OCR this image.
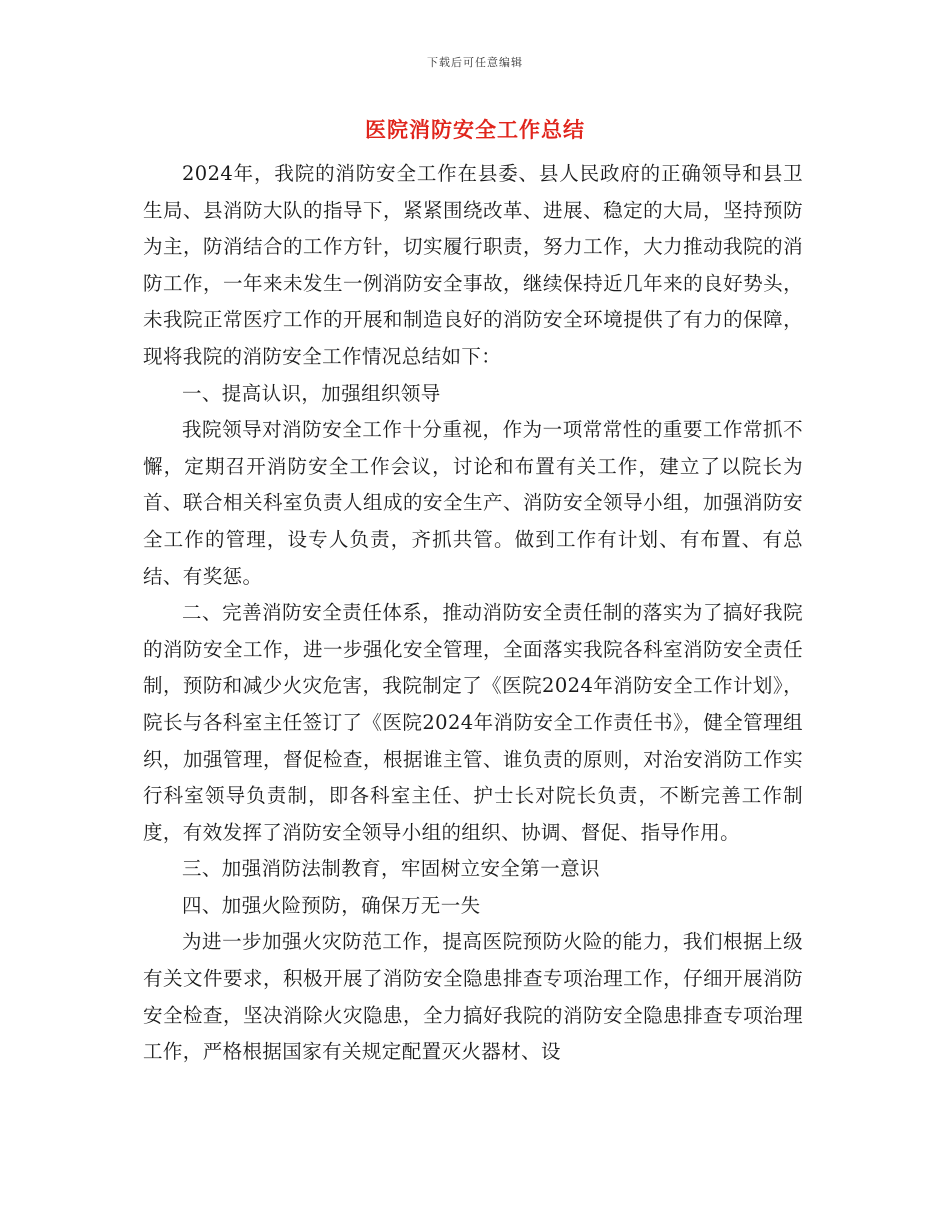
下载后可任意编辑
医院消防安全工作总结

2024年，我院的消防安全工作在县委、县人民政府的正确领导和县卫生局、县消防大队的指导下，紧紧围绕改革、进展、稳定的大局，坚持预防为主，防消结合的工作方针，切实履行职责，努力工作，大力推动我院的消防工作，一年来未发生一例消防安全事故，继续保持近几年来的良好势头，未我院正常医疗工作的开展和制造良好的消防安全环境提供了有力的保障，现将我院的消防安全工作情况总结如下：

一、提高认识，加强组织领导

我院领导对消防安全工作十分重视，作为一项常常性的重要工作常抓不懈，定期召开消防安全工作会议，讨论和布置有关工作，建立了以院长为首、联合相关科室负责人组成的安全生产、消防安全领导小组，加强消防安全工作的管理，设专人负责，齐抓共管。做到工作有计划、有布置、有总结、有奖惩。

二、完善消防安全责任体系，推动消防安全责任制的落实为了搞好我院的消防安全工作，进一步强化安全管理，全面落实我院各科室消防安全责任制，预防和减少火灾危害，我院制定了《医院2024年消防安全工作计划》，院长与各科室主任签订了《医院2024年消防安全工作责任书》，健全管理组织，加强管理，督促检查，根据谁主管、谁负责的原则，对治安消防工作实行科室领导负责制，即各科室主任、护士长对院长负责，不断完善工作制度，有效发挥了消防安全领导小组的组织、协调、督促、指导作用。

三、加强消防法制教育，牢固树立安全第一意识

四、加强火险预防，确保万无一失

为进一步加强火灾防范工作，提高医院预防火险的能力，我们根据上级有关文件要求，积极开展了消防安全隐患排查专项治理工作，仔细开展消防安全检查，坚决消除火灾隐患，全力搞好我院的消防安全隐患排查专项治理工作，严格根据国家有关规定配置灭火器材、设
